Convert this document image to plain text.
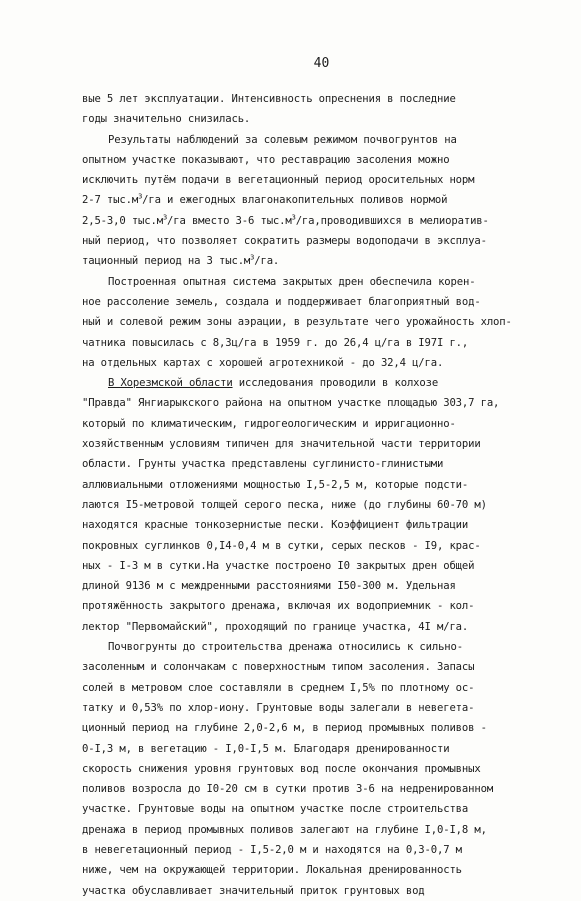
40
вые 5 лет эксплуатации. Интенсивность опреснения в последние
годы значительно снизилась.
Результаты наблюдений за солевым режимом почвогрунтов на
опытном участке показывают, что реставрацию засоления можно
исключить путём подачи в вегетационный период оросительных норм
2-7 $тыс.м^3/га$ и ежегодных влагонакопительных поливов нормой
2,5-3,0 $тыс.м^3/га$ вместо 3-6 $тыс.м^3/га,проводившихся$ в мелиоратив-
ный период, что позволяет сократить размеры водоподачи в эксплуа-
тационный период на 3 $тыс.м^3/га$.
Построенная опытная система закрытых дрен обеспечила корен-
ное рассоление земель, создала и поддерживает благоприятный вод-
ный и солевой режим зоны аэрации, в результате чего урожайность хлоп-
чатника повысилась с 8,3ц/га в 1959 г. до 26,4 ц/га в I97I г.,
на отдельных картах с хорошей агротехникой - до 32,4 ц/га.
В Хорезмской области исследования проводили в колхозе
"Правда" Янгиарыкского района на опытном участке площадью 303,7 га,
который по климатическим, гидрогеологическим и ирригационно-
хозяйственным условиям типичен для значительной части территории
области. Грунты участка представлены суглинисто-глинистыми
аллювиальными отложениями мощностью I,5-2,5 м, которые подсти-
лаются I5-метровой толщей серого песка, ниже (до глубины 60-70 м)
находятся красные тонкозернистые пески. Коэффициент фильтрации
покровных суглинков 0,I4-0,4 м в сутки, серых песков - I9, крас-
ных - I-3 м в сутки.На участке построено I0 закрытых дрен общей
длиной 9136 м с междренными расстояниями I50-300 м. Удельная
протяжённость закрытого дренажа, включая их водоприемник - кол-
лектор "Первомайский", проходящий по границе участка, 4I м/га.
Почвогрунты до строительства дренажа относились к сильно-
засоленным и солончакам с поверхностным типом засоления. Запасы
солей в метровом слое составляли в среднем I,5% по плотному ос-
татку и 0,53% по хлор-иону. Грунтовые воды залегали в невегета-
ционный период на глубине 2,0-2,6 м, в период промывных поливов -
0-I,3 м, в вегетацию - I,0-I,5 м. Благодаря дренированности
скорость снижения уровня грунтовых вод после окончания промывных
поливов возросла до I0-20 см в сутки против 3-6 на недренированном
участке. Грунтовые воды на опытном участке после строительства
дренажа в период промывных поливов залегают на глубине I,0-I,8 м,
в невегетационный период - I,5-2,0 м и находятся на 0,3-0,7 м
ниже, чем на окружающей территории. Локальная дренированность
участка обуславливает значительный приток грунтовых вод
